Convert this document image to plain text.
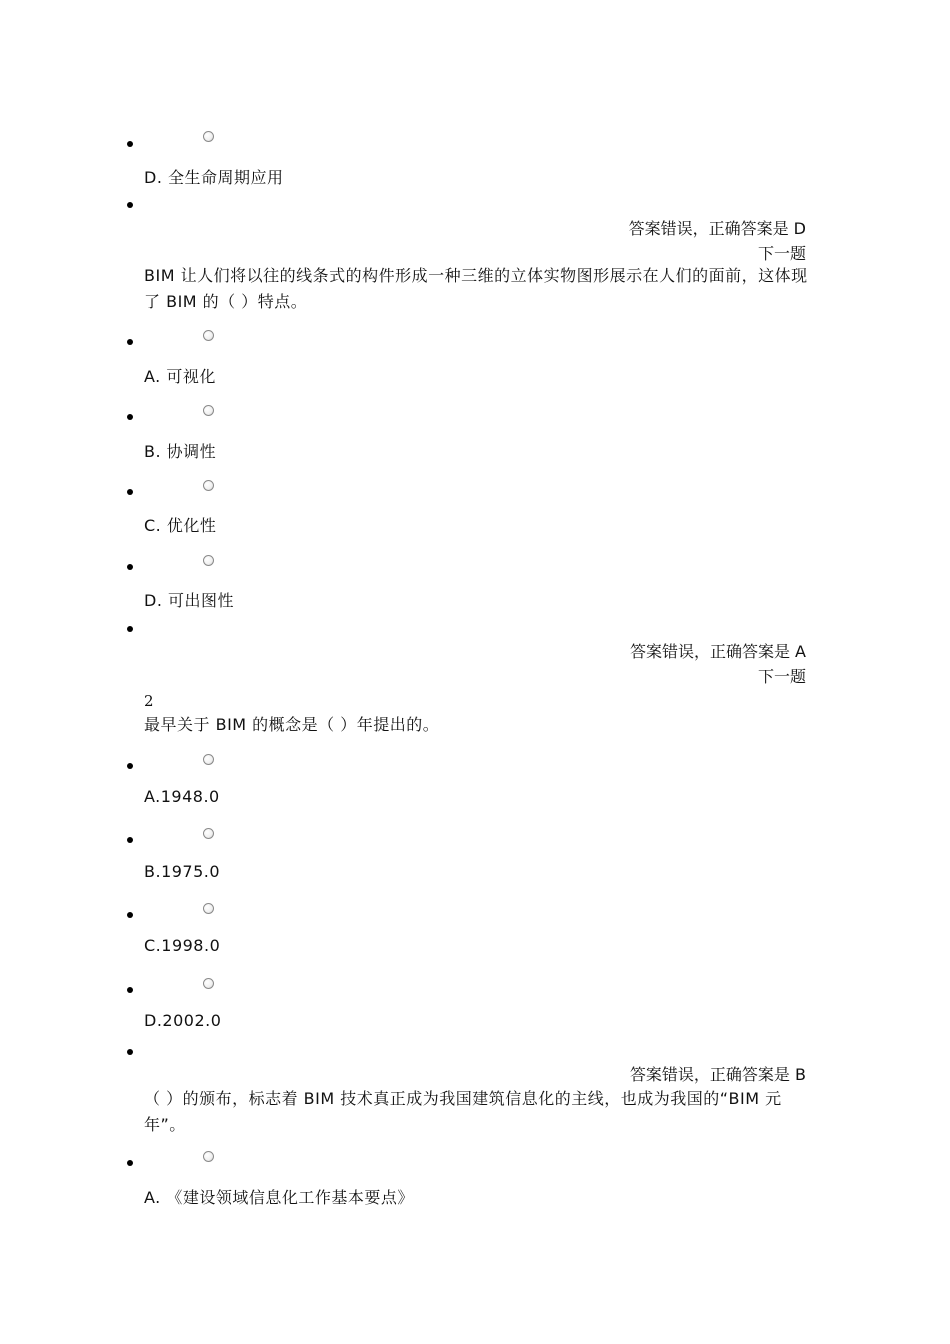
D. 全生命周期应用
答案错误，正确答案是 D
下一题
BIM 让人们将以往的线条式的构件形成一种三维的立体实物图形展示在人们的面前，这体现了 BIM 的（ ）特点。
A. 可视化
B. 协调性
C. 优化性
D. 可出图性
答案错误，正确答案是 A
下一题
2
最早关于 BIM 的概念是（ ）年提出的。
A.1948.0
B.1975.0
C.1998.0
D.2002.0
答案错误，正确答案是 B
（ ）的颁布，标志着 BIM 技术真正成为我国建筑信息化的主线，也成为我国的“BIM 元年”。
A. 《建设领域信息化工作基本要点》
